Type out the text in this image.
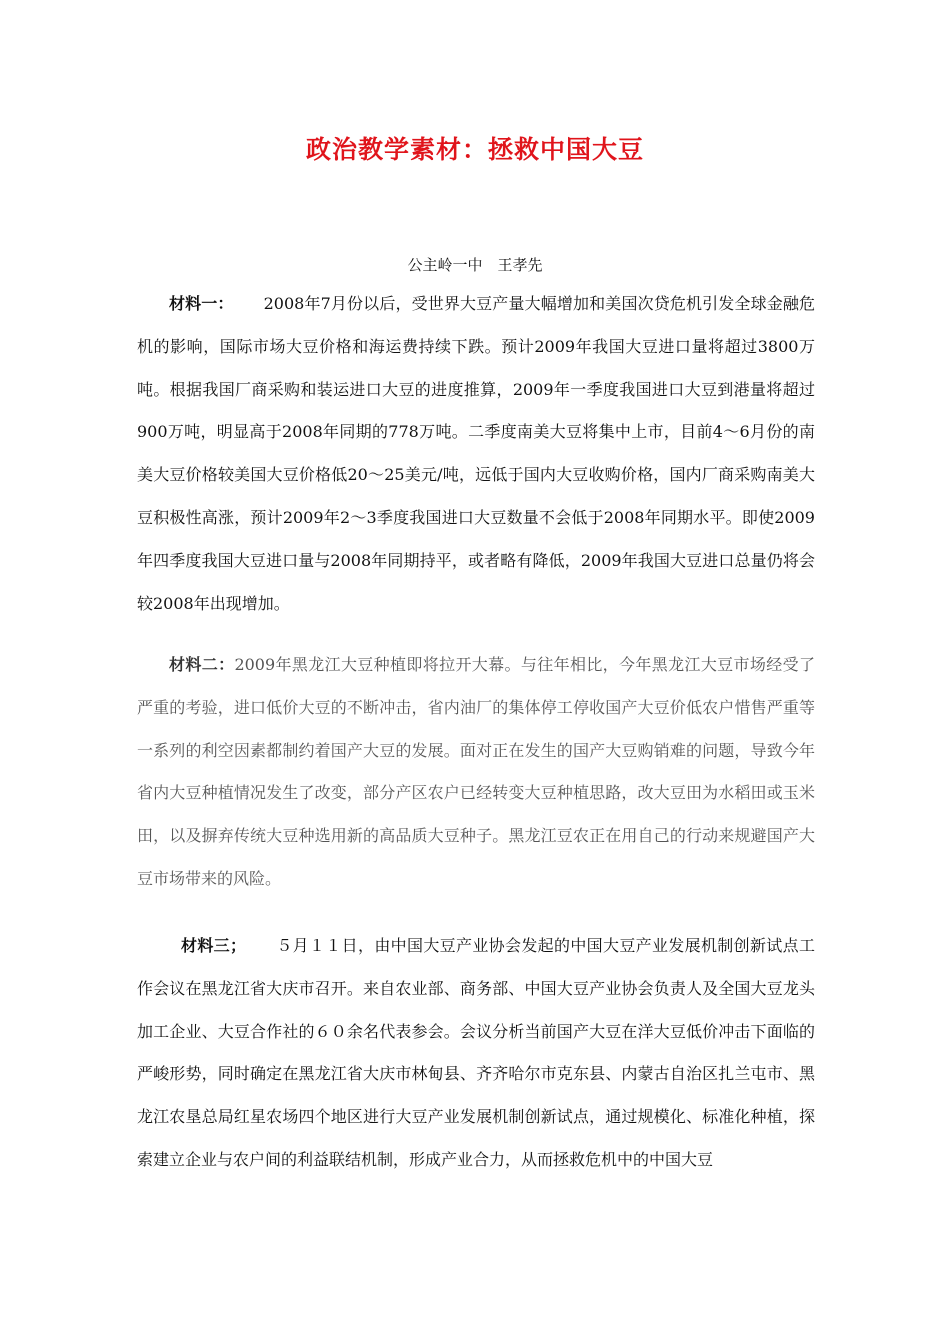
政治教学素材：拯救中国大豆

公主岭一中　王孝先

材料一： 2008年7月份以后，受世界大豆产量大幅增加和美国次贷危机引发全球金融危机的影响，国际市场大豆价格和海运费持续下跌。预计2009年我国大豆进口量将超过3800万吨。根据我国厂商采购和装运进口大豆的进度推算，2009年一季度我国进口大豆到港量将超过900万吨，明显高于2008年同期的778万吨。二季度南美大豆将集中上市，目前4～6月份的南美大豆价格较美国大豆价格低20～25美元/吨，远低于国内大豆收购价格，国内厂商采购南美大豆积极性高涨，预计2009年2～3季度我国进口大豆数量不会低于2008年同期水平。即使2009年四季度我国大豆进口量与2008年同期持平，或者略有降低，2009年我国大豆进口总量仍将会较2008年出现增加。

材料二：2009年黑龙江大豆种植即将拉开大幕。与往年相比，今年黑龙江大豆市场经受了严重的考验，进口低价大豆的不断冲击，省内油厂的集体停工停收国产大豆价低农户惜售严重等一系列的利空因素都制约着国产大豆的发展。面对正在发生的国产大豆购销难的问题，导致今年省内大豆种植情况发生了改变，部分产区农户已经转变大豆种植思路，改大豆田为水稻田或玉米田，以及摒弃传统大豆种选用新的高品质大豆种子。黑龙江豆农正在用自己的行动来规避国产大豆市场带来的风险。

材料三； ５月１１日，由中国大豆产业协会发起的中国大豆产业发展机制创新试点工作会议在黑龙江省大庆市召开。来自农业部、商务部、中国大豆产业协会负责人及全国大豆龙头加工企业、大豆合作社的６０余名代表参会。会议分析当前国产大豆在洋大豆低价冲击下面临的严峻形势，同时确定在黑龙江省大庆市林甸县、齐齐哈尔市克东县、内蒙古自治区扎兰屯市、黑龙江农垦总局红星农场四个地区进行大豆产业发展机制创新试点，通过规模化、标准化种植，探索建立企业与农户间的利益联结机制，形成产业合力，从而拯救危机中的中国大豆
